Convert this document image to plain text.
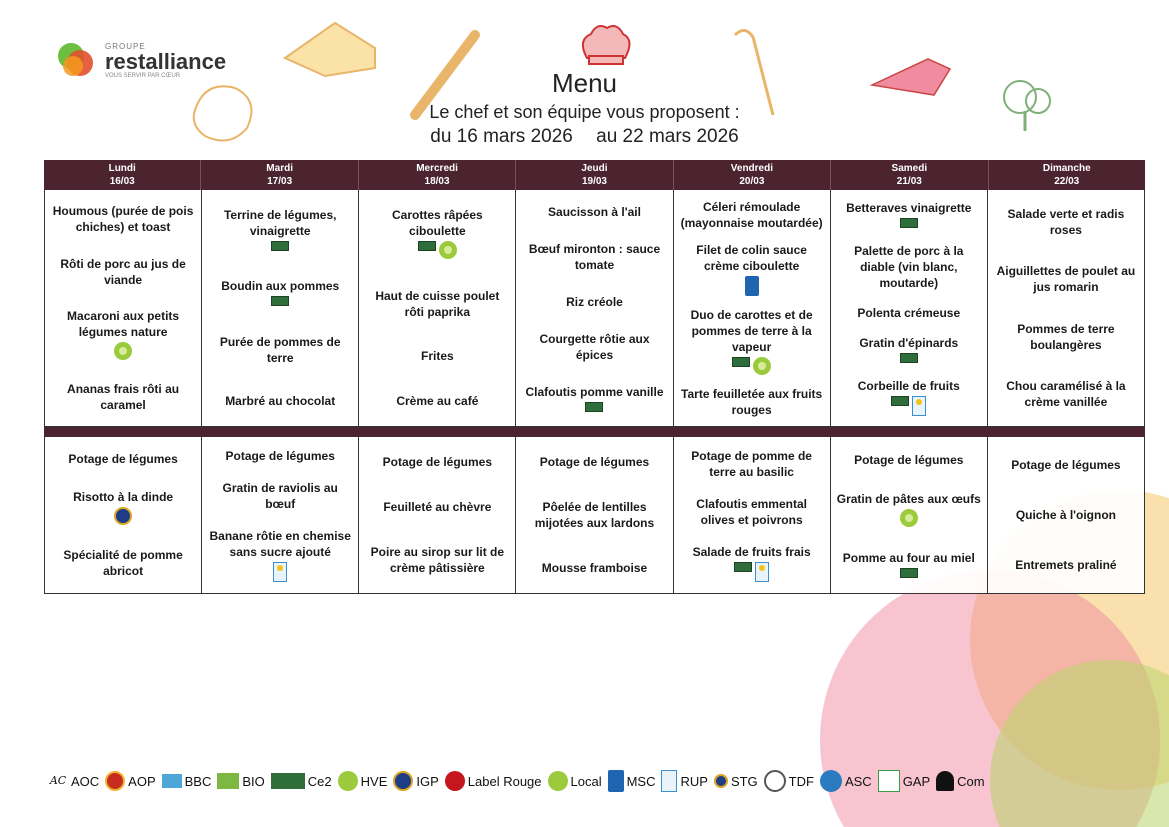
GROUPE
restalliance
VOUS SERVIR PAR CŒUR	Menu
Le chef et son équipe vous proposent :
du 16 mars 2026 au 22 mars 2026
Lundi
16/03
Mardi
17/03
Mercredi
18/03
Jeudi
19/03
Vendredi
20/03
Samedi
21/03
Dimanche
22/03
Houmous (purée de pois chiches) et toast
Rôti de porc au jus de viande
Macaroni aux petits légumes nature
Ananas frais rôti au caramel
Terrine de légumes, vinaigrette
Boudin aux pommes
Purée de pommes de terre
Marbré au chocolat
Carottes râpées ciboulette
Haut de cuisse poulet rôti paprika
Frites
Crème au café
Saucisson à l'ail
Bœuf mironton : sauce tomate
Riz créole
Courgette rôtie aux épices
Clafoutis pomme vanille
Céleri rémoulade (mayonnaise moutardée)
Filet de colin sauce crème ciboulette
Duo de carottes et de pommes de terre à la vapeur
Tarte feuilletée aux fruits rouges
Betteraves vinaigrette
Palette de porc à la diable (vin blanc, moutarde)
Polenta crémeuse
Gratin d'épinards
Corbeille de fruits
Salade verte et radis roses
Aiguillettes de poulet au jus romarin
Pommes de terre boulangères
Chou caramélisé à la crème vanillée
Potage de légumes
Risotto à la dinde
Spécialité de pomme abricot
Potage de légumes
Gratin de raviolis au bœuf
Banane rôtie en chemise sans sucre ajouté
Potage de légumes
Feuilleté au chèvre
Poire au sirop sur lit de crème pâtissière
Potage de légumes
Pôelée de lentilles mijotées aux lardons
Mousse framboise
Potage de pomme de terre au basilic
Clafoutis emmental olives et poivrons
Salade de fruits frais
Potage de légumes
Gratin de pâtes aux œufs
Pomme au four au miel
Potage de légumes
Quiche à l'oignon
Entremets praliné
AC AOC AOP BBC BIO	Ce2 HVE IGP Label Rouge Local MSC RUP STG TDF ASC GAP Com
